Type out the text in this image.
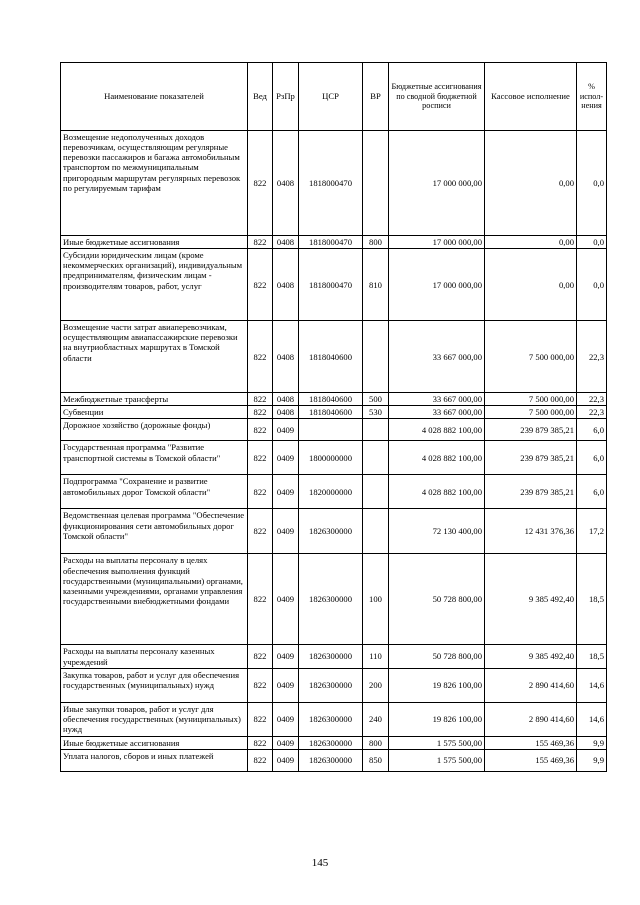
Наименование показателей	Вед	РзПр	ЦСР	ВР	Бюджетные ассигнования по сводной бюджетной росписи	Кассовое исполнение	% испол-нения
Возмещение недополученных доходов перевозчикам, осуществляющим регулярные перевозки пассажиров и багажа автомобильным транспортом по межмуниципальным пригородным маршрутам регулярных перевозок по регулируемым тарифам	822	0408	1818000470		17 000 000,00	0,00	0,0
Иные бюджетные ассигнования	822	0408	1818000470	800	17 000 000,00	0,00	0,0
Субсидии юридическим лицам (кроме некоммерческих организаций), индивидуальным предпринимателям, физическим лицам - производителям товаров, работ, услуг	822	0408	1818000470	810	17 000 000,00	0,00	0,0
Возмещение части затрат авиаперевозчикам, осуществляющим авиапассажирские перевозки на внутриобластных маршрутах в Томской области	822	0408	1818040600		33 667 000,00	7 500 000,00	22,3
Межбюджетные трансферты	822	0408	1818040600	500	33 667 000,00	7 500 000,00	22,3
Субвенции	822	0408	1818040600	530	33 667 000,00	7 500 000,00	22,3
Дорожное хозяйство (дорожные фонды)	822	0409			4 028 882 100,00	239 879 385,21	6,0
Государственная программа "Развитие транспортной системы в Томской области"	822	0409	1800000000		4 028 882 100,00	239 879 385,21	6,0
Подпрограмма "Сохранение и развитие автомобильных дорог Томской области"	822	0409	1820000000		4 028 882 100,00	239 879 385,21	6,0
Ведомственная целевая программа "Обеспечение функционирования сети автомобильных дорог Томской области"	822	0409	1826300000		72 130 400,00	12 431 376,36	17,2
Расходы на выплаты персоналу в целях обеспечения выполнения функций государственными (муниципальными) органами, казенными учреждениями, органами управления государственными внебюджетными фондами	822	0409	1826300000	100	50 728 800,00	9 385 492,40	18,5
Расходы на выплаты персоналу казенных учреждений	822	0409	1826300000	110	50 728 800,00	9 385 492,40	18,5
Закупка товаров, работ и услуг для обеспечения государственных (муниципальных) нужд	822	0409	1826300000	200	19 826 100,00	2 890 414,60	14,6
Иные закупки товаров, работ и услуг для обеспечения государственных (муниципальных) нужд	822	0409	1826300000	240	19 826 100,00	2 890 414,60	14,6
Иные бюджетные ассигнования	822	0409	1826300000	800	1 575 500,00	155 469,36	9,9
Уплата налогов, сборов и иных платежей	822	0409	1826300000	850	1 575 500,00	155 469,36	9,9
145
